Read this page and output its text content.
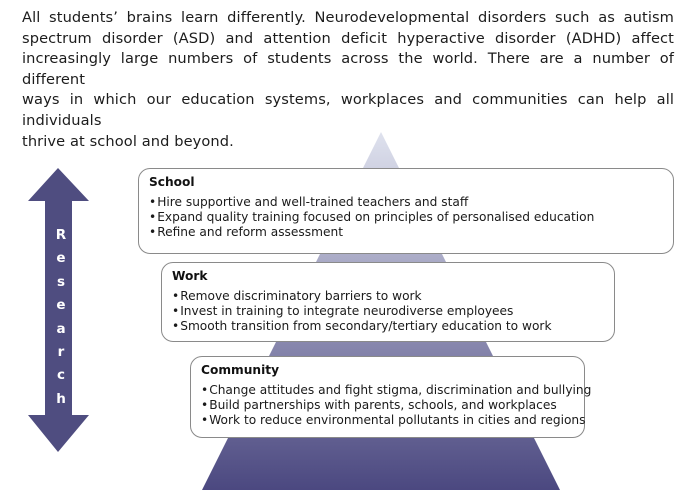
All students’ brains learn differently. Neurodevelopmental disorders such as autism
spectrum disorder (ASD) and attention deficit hyperactive disorder (ADHD) affect
increasingly large numbers of students across the world. There are a number of different
ways in which our education systems, workplaces and communities can help all individuals
thrive at school and beyond.

R
e
s
e
a
r
c
h
School
• Hire supportive and well-trained teachers and staff
• Expand quality training focused on principles of personalised education
• Refine and reform assessment
Work
• Remove discriminatory barriers to work
• Invest in training to integrate neurodiverse employees
• Smooth transition from secondary/tertiary education to work
Community
• Change attitudes and fight stigma, discrimination and bullying
• Build partnerships with parents, schools, and workplaces
• Work to reduce environmental pollutants in cities and regions
